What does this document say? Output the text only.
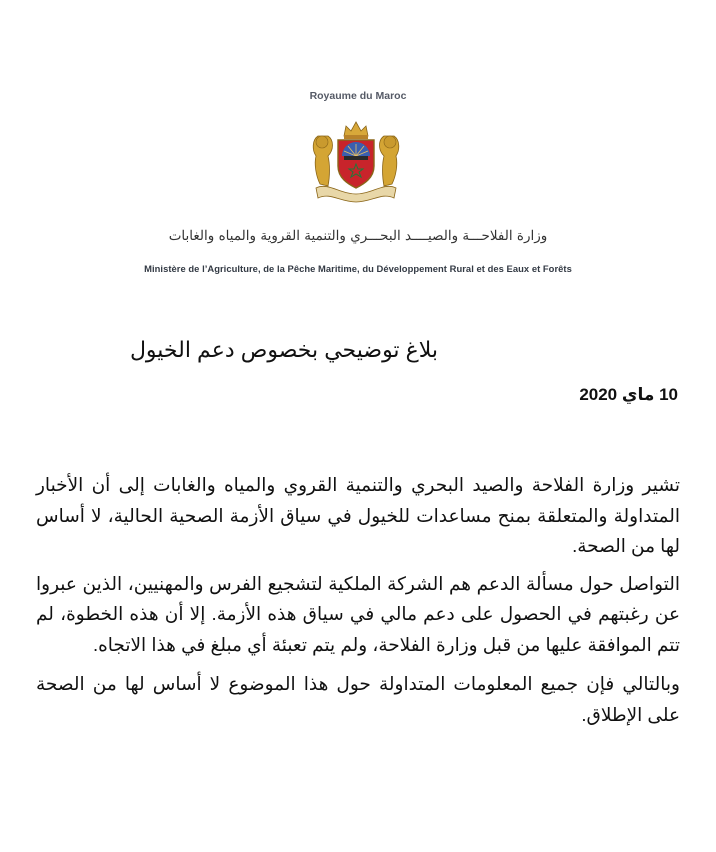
Royaume du Maroc
وزارة الفلاحـــة والصيــــد البحـــري والتنمية القروية والمياه والغابات
Ministère de l’Agriculture, de la Pêche Maritime, du Développement Rural et des Eaux et Forêts
بلاغ توضيحي بخصوص دعم الخيول
10 ماي 2020

تشير وزارة الفلاحة والصيد البحري والتنمية القروي والمياه والغابات إلى أن الأخبار المتداولة والمتعلقة بمنح مساعدات للخيول في سياق الأزمة الصحية الحالية، لا أساس لها من الصحة.

التواصل حول مسألة الدعم هم الشركة الملكية لتشجيع الفرس والمهنيين، الذين عبروا عن رغبتهم في الحصول على دعم مالي في سياق هذه الأزمة. إلا أن هذه الخطوة، لم تتم الموافقة عليها من قبل وزارة الفلاحة، ولم يتم تعبئة أي مبلغ في هذا الاتجاه.

وبالتالي فإن جميع المعلومات المتداولة حول هذا الموضوع لا أساس لها من الصحة على الإطلاق.
